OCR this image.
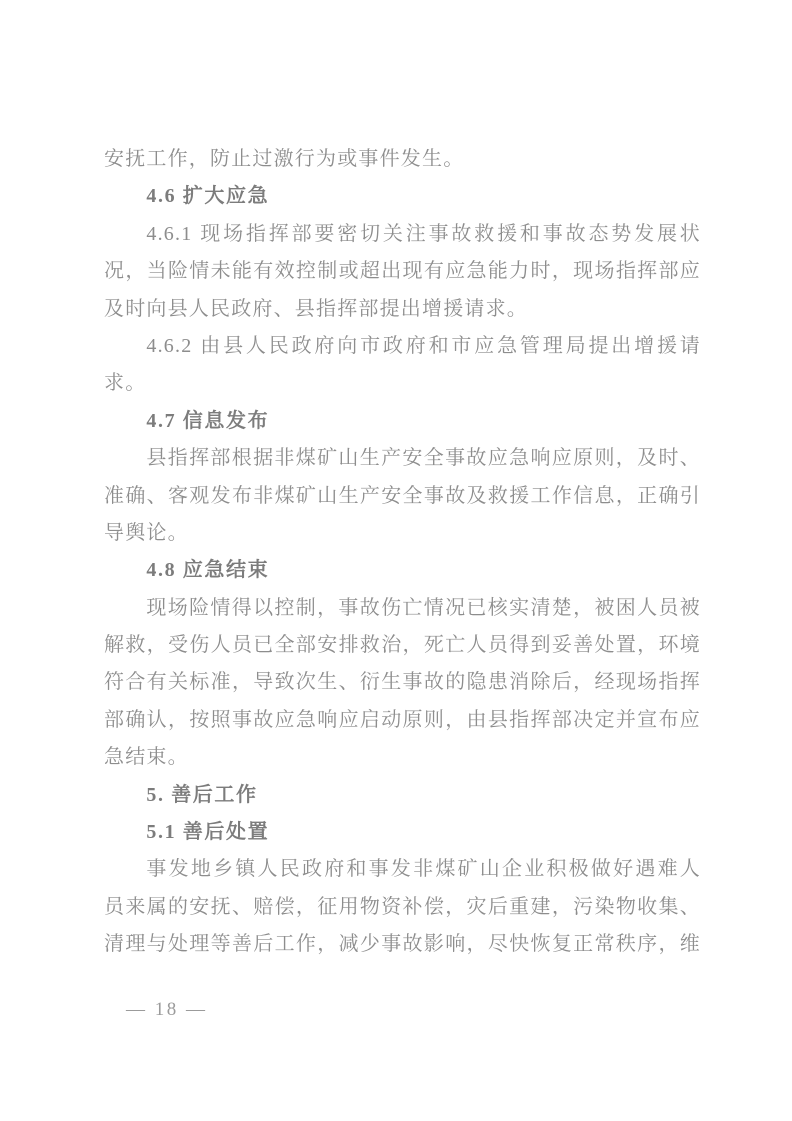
安抚工作，防止过激行为或事件发生。
4.6 扩大应急
4.6.1 现场指挥部要密切关注事故救援和事故态势发展状
况，当险情未能有效控制或超出现有应急能力时，现场指挥部应
及时向县人民政府、县指挥部提出增援请求。
4.6.2 由县人民政府向市政府和市应急管理局提出增援请
求。
4.7 信息发布
县指挥部根据非煤矿山生产安全事故应急响应原则，及时、
准确、客观发布非煤矿山生产安全事故及救援工作信息，正确引
导舆论。
4.8 应急结束
现场险情得以控制，事故伤亡情况已核实清楚，被困人员被
解救，受伤人员已全部安排救治，死亡人员得到妥善处置，环境
符合有关标准，导致次生、衍生事故的隐患消除后，经现场指挥
部确认，按照事故应急响应启动原则，由县指挥部决定并宣布应
急结束。
5. 善后工作
5.1 善后处置
事发地乡镇人民政府和事发非煤矿山企业积极做好遇难人
员来属的安抚、赔偿，征用物资补偿，灾后重建，污染物收集、
清理与处理等善后工作，减少事故影响，尽快恢复正常秩序，维
— 18 —
